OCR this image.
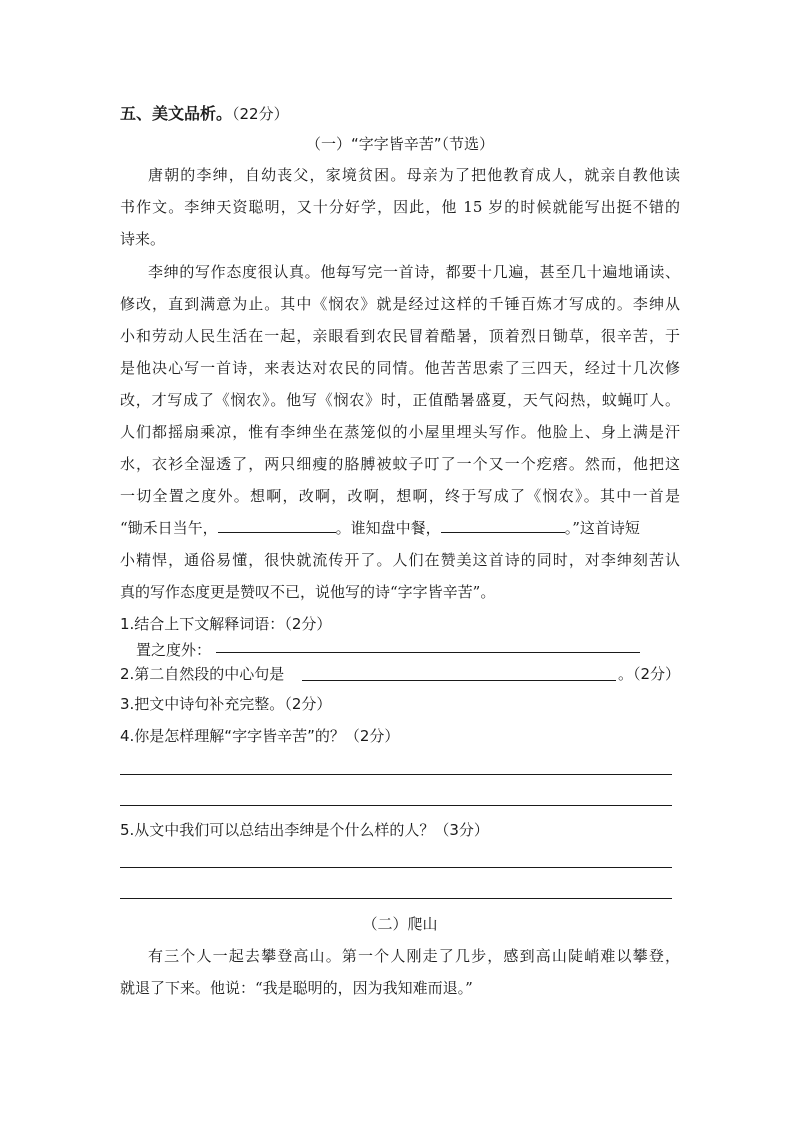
五、美文品析。（22分）
（一）“字字皆辛苦”（节选）
唐朝的李绅，自幼丧父，家境贫困。母亲为了把他教育成人，就亲自教他读
书作文。李绅天资聪明，又十分好学，因此，他 15 岁的时候就能写出挺不错的
诗来。
李绅的写作态度很认真。他每写完一首诗，都要十几遍，甚至几十遍地诵读、
修改，直到满意为止。其中《悯农》就是经过这样的千锤百炼才写成的。李绅从
小和劳动人民生活在一起，亲眼看到农民冒着酷暑，顶着烈日锄草，很辛苦，于
是他决心写一首诗，来表达对农民的同情。他苦苦思索了三四天，经过十几次修
改，才写成了《悯农》。他写《悯农》时，正值酷暑盛夏，天气闷热，蚊蝇叮人。
人们都摇扇乘凉，惟有李绅坐在蒸笼似的小屋里埋头写作。他脸上、身上满是汗
水，衣衫全湿透了，两只细瘦的胳膊被蚊子叮了一个又一个疙瘩。然而，他把这
一切全置之度外。想啊，改啊，改啊，想啊，终于写成了《悯农》。其中一首是
“锄禾日当午，	。谁知盘中餐，	。”这首诗短
小精悍，通俗易懂，很快就流传开了。人们在赞美这首诗的同时，对李绅刻苦认
真的写作态度更是赞叹不已，说他写的诗“字字皆辛苦”。
1.结合上下文解释词语：（2分）
置之度外：
2.第二自然段的中心句是	。（2分）
3.把文中诗句补充完整。（2分）
4.你是怎样理解“字字皆辛苦”的？（2分）
5.从文中我们可以总结出李绅是个什么样的人？（3分）
（二）爬山
有三个人一起去攀登高山。第一个人刚走了几步，感到高山陡峭难以攀登，
就退了下来。他说：“我是聪明的，因为我知难而退。”
